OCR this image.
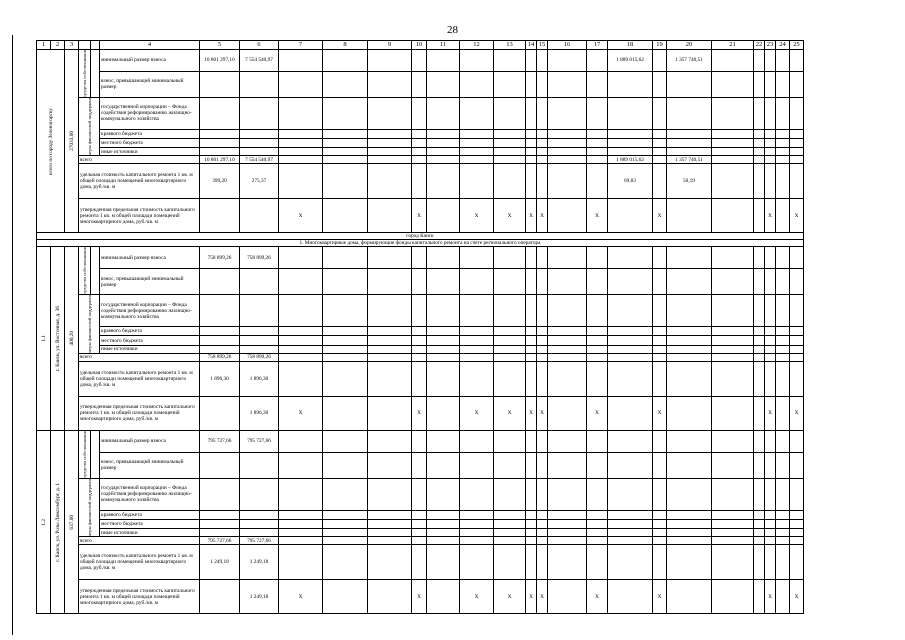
28
1	2	3			4	5	6	7	8	9	10	11	12	13	14	15	16	17	18	19	20	21	22	23	24	25

всего по городу Зеленогорску		27033,00	средства собственников		минимальный размер взноса	10 801 297,10	7 554 540,97												1 889 015,62		1 357 740,51					
					взнос, превышающий минимальный размер																					

			меры финансовой поддержки		государственной корпорации – Фонда содействия реформированию жилищно-коммунального хозяйства																					
					краевого бюджета																					
					местного бюджета																					
					иные источники																					
			всего			10 801 297,10	7 554 540,97												1 889 015,62		1 357 740,51					
			удельная стоимость капитального ремонта 1 кв. м общей площади помещений многоквартирного дома, руб./кв. м			399,20	275,37												69,83		50,19					
			утвержденная предельная стоимость капитального ремонта 1 кв. м общей площади помещений многоквартирного дома, руб./кв. м					Х			Х		Х	Х	Х	Х		Х		Х				Х		Х
город Канск																										
1. Многоквартирные дома, формирующие фонды капитального ремонта на счете регионального оператора																										

1.1	г. Канск, ул. Восточная, д. 36	400,20	средства собственников		минимальный размер взноса	758 899,26	758 899,26																			
					взнос, превышающий минимальный размер																					

			меры финансовой поддержки		государственной корпорации – Фонда содействия реформированию жилищно-коммунального хозяйства																					
					краевого бюджета																					
					местного бюджета																					
					иные источники																					
			всего			758 899,26	758 899,26																			
			удельная стоимость капитального ремонта 1 кв. м общей площади помещений многоквартирного дома, руб./кв. м			1 896,30	1 896,30																			
			утвержденная предельная стоимость капитального ремонта 1 кв. м общей площади помещений многоквартирного дома, руб./кв. м				1 896,30	Х			Х		Х	Х	Х	Х		Х		Х				Х		Х

1.2	г. Канск, ул. Розы Люксембург, д. 1	637,00	средства собственников		минимальный размер взноса	795 727,66	795 727,66																			
					взнос, превышающий минимальный размер																					

			меры финансовой поддержки		государственной корпорации – Фонда содействия реформированию жилищно-коммунального хозяйства																					
					краевого бюджета																					
					местного бюджета																					
					иные источники																					
			всего			795 727,66	795 727,66																			
			удельная стоимость капитального ремонта 1 кв. м общей площади помещений многоквартирного дома, руб./кв. м			1 249,18	1 249,18																			
			утвержденная предельная стоимость капитального ремонта 1 кв. м общей площади помещений многоквартирного дома, руб./кв. м				1 249,18	Х			Х		Х	Х	Х	Х		Х		Х				Х		Х
